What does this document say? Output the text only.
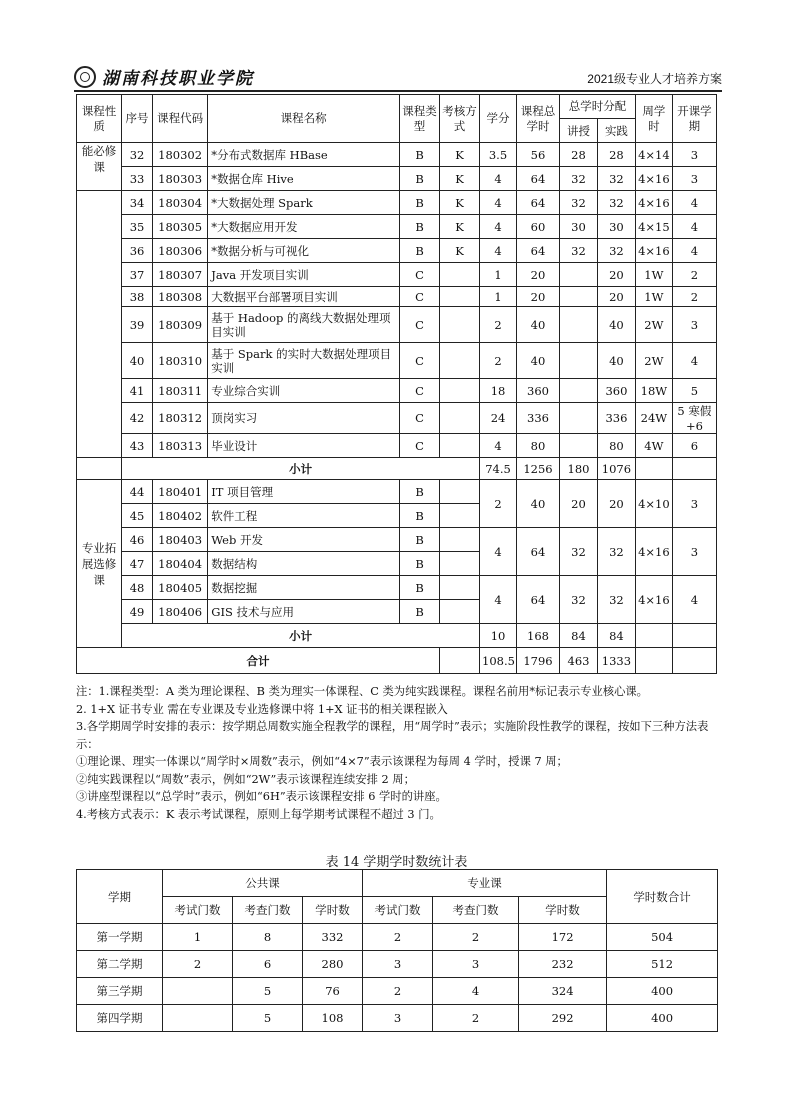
湖南科技职业学院	2021级专业人才培养方案
课程性质	序号	课程代码	课程名称	课程类型	考核方式	学分	课程总学时	总学时分配		周学时	开课学期
								讲授	实践		
能必修课	32	180302	*分布式数据库 HBase	B	K	3.5	56	28	28	4×14	3
	33	180303	*数据仓库 Hive	B	K	4	64	32	32	4×16	3
	34	180304	*大数据处理 Spark	B	K	4	64	32	32	4×16	4
	35	180305	*大数据应用开发	B	K	4	60	30	30	4×15	4
	36	180306	*数据分析与可视化	B	K	4	64	32	32	4×16	4
	37	180307	Java 开发项目实训	C		1	20		20	1W	2
	38	180308	大数据平台部署项目实训	C		1	20		20	1W	2
	39	180309	基于 Hadoop 的离线大数据处理项目实训	C		2	40		40	2W	3
	40	180310	基于 Spark 的实时大数据处理项目实训	C		2	40		40	2W	4
	41	180311	专业综合实训	C		18	360		360	18W	5
	42	180312	顶岗实习	C		24	336		336	24W	5 寒假+6
	43	180313	毕业设计	C		4	80		80	4W	6
	小计					74.5	1256	180	1076		
专业拓展选修课	44	180401	IT 项目管理	B		2	40	20	20	4×10	3
	45	180402	软件工程	B							
	46	180403	Web 开发	B		4	64	32	32	4×16	3
	47	180404	数据结构	B							
	48	180405	数据挖掘	B		4	64	32	32	4×16	4
	49	180406	GIS 技术与应用	B							
	小计					10	168	84	84		
合计						108.5	1796	463	1333		

注：1.课程类型：A 类为理论课程、B 类为理实一体课程、C 类为纯实践课程。课程名前用*标记表示专业核心课。

2. 1+X 证书专业 需在专业课及专业选修课中将 1+X 证书的相关课程嵌入

3.各学期周学时安排的表示：按学期总周数实施全程教学的课程，用“周学时”表示；实施阶段性教学的课程，按如下三种方法表示：

①理论课、理实一体课以“周学时×周数”表示，例如“4×7”表示该课程为每周 4 学时，授课 7 周；

②纯实践课程以“周数”表示，例如“2W”表示该课程连续安排 2 周；

③讲座型课程以“总学时”表示，例如“6H”表示该课程安排 6 学时的讲座。

4.考核方式表示：K 表示考试课程，原则上每学期考试课程不超过 3 门。

表 14 学期学时数统计表
学期	公共课			专业课			学时数合计
	考试门数	考查门数	学时数	考试门数	考查门数	学时数	
第一学期	1	8	332	2	2	172	504
第二学期	2	6	280	3	3	232	512
第三学期		5	76	2	4	324	400
第四学期		5	108	3	2	292	400
